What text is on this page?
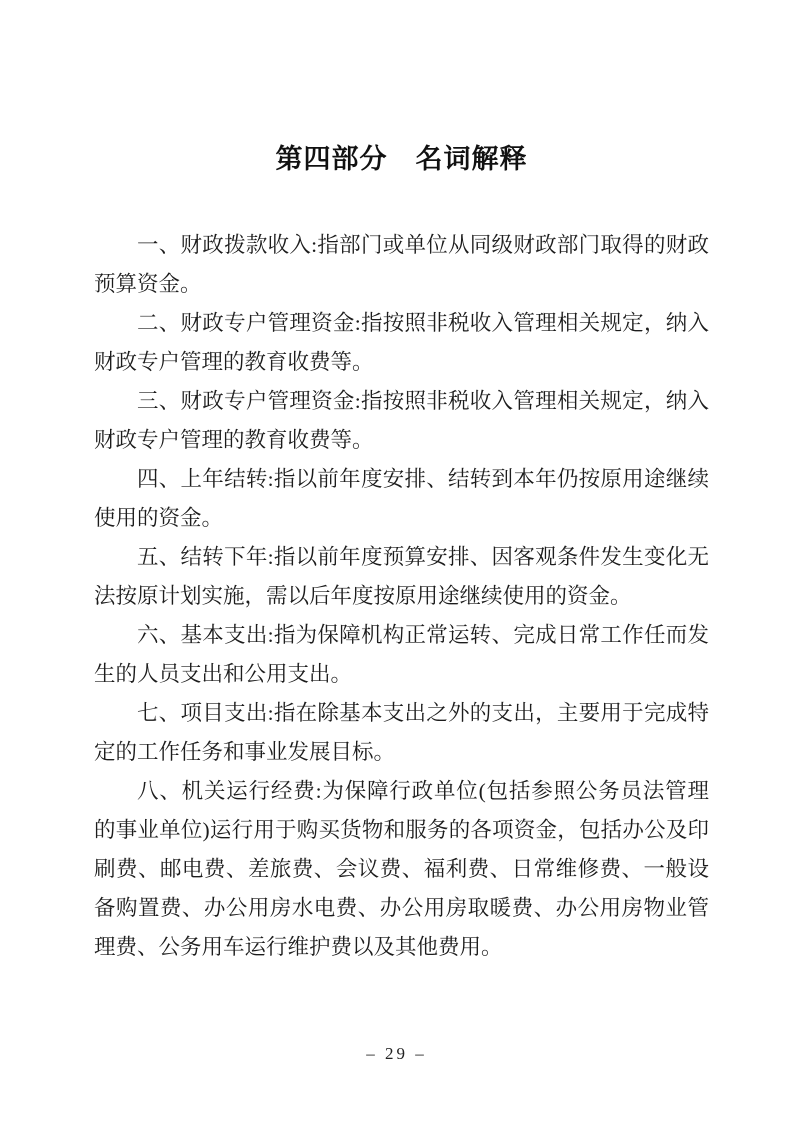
第四部分　名词解释

一、财政拨款收入:指部门或单位从同级财政部门取得的财政预算资金。

二、财政专户管理资金:指按照非税收入管理相关规定，纳入财政专户管理的教育收费等。

三、财政专户管理资金:指按照非税收入管理相关规定，纳入财政专户管理的教育收费等。

四、上年结转:指以前年度安排、结转到本年仍按原用途继续使用的资金。

五、结转下年:指以前年度预算安排、因客观条件发生变化无法按原计划实施，需以后年度按原用途继续使用的资金。

六、基本支出:指为保障机构正常运转、完成日常工作任而发生的人员支出和公用支出。

七、项目支出:指在除基本支出之外的支出，主要用于完成特定的工作任务和事业发展目标。

八、机关运行经费:为保障行政单位(包括参照公务员法管理的事业单位)运行用于购买货物和服务的各项资金，包括办公及印刷费、邮电费、差旅费、会议费、福利费、日常维修费、一般设备购置费、办公用房水电费、办公用房取暖费、办公用房物业管理费、公务用车运行维护费以及其他费用。

– 29 –
